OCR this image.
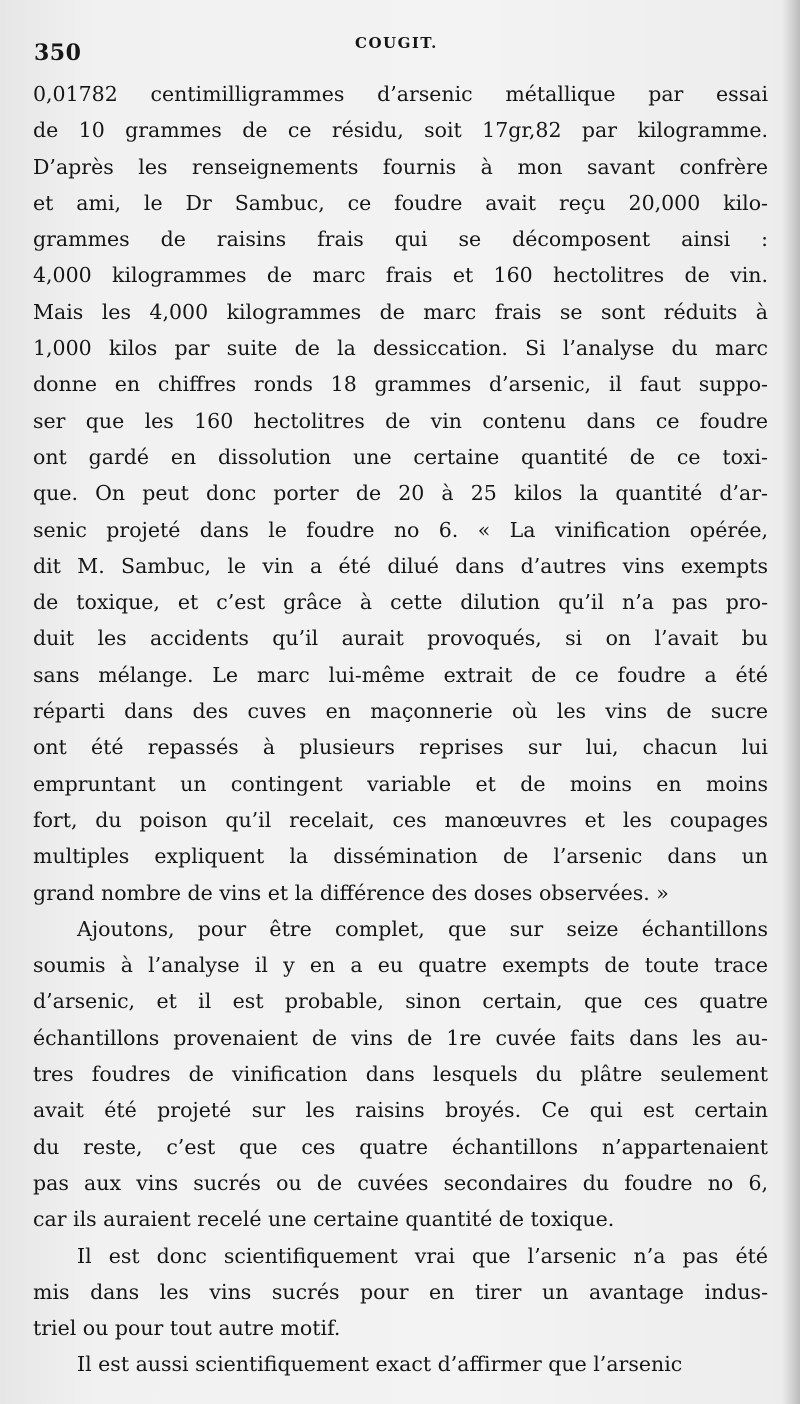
350	COUGIT.
0,01782 centimilligrammes d’arsenic métallique par essai
de 10 grammes de ce résidu, soit 17gr,82 par kilogramme.
D’après les renseignements fournis à mon savant confrère
et ami, le Dr Sambuc, ce foudre avait reçu 20,000 kilo-
grammes de raisins frais qui se décomposent ainsi :
4,000 kilogrammes de marc frais et 160 hectolitres de vin.
Mais les 4,000 kilogrammes de marc frais se sont réduits à
1,000 kilos par suite de la dessiccation. Si l’analyse du marc
donne en chiffres ronds 18 grammes d’arsenic, il faut suppo-
ser que les 160 hectolitres de vin contenu dans ce foudre
ont gardé en dissolution une certaine quantité de ce toxi-
que. On peut donc porter de 20 à 25 kilos la quantité d’ar-
senic projeté dans le foudre no 6. « La vinification opérée,
dit M. Sambuc, le vin a été dilué dans d’autres vins exempts
de toxique, et c’est grâce à cette dilution qu’il n’a pas pro-
duit les accidents qu’il aurait provoqués, si on l’avait bu
sans mélange. Le marc lui-même extrait de ce foudre a été
réparti dans des cuves en maçonnerie où les vins de sucre
ont été repassés à plusieurs reprises sur lui, chacun lui
empruntant un contingent variable et de moins en moins
fort, du poison qu’il recelait, ces manœuvres et les coupages
multiples expliquent la dissémination de l’arsenic dans un
grand nombre de vins et la différence des doses observées. »
Ajoutons, pour être complet, que sur seize échantillons
soumis à l’analyse il y en a eu quatre exempts de toute trace
d’arsenic, et il est probable, sinon certain, que ces quatre
échantillons provenaient de vins de 1re cuvée faits dans les au-
tres foudres de vinification dans lesquels du plâtre seulement
avait été projeté sur les raisins broyés. Ce qui est certain
du reste, c’est que ces quatre échantillons n’appartenaient
pas aux vins sucrés ou de cuvées secondaires du foudre no 6,
car ils auraient recelé une certaine quantité de toxique.
Il est donc scientifiquement vrai que l’arsenic n’a pas été
mis dans les vins sucrés pour en tirer un avantage indus-
triel ou pour tout autre motif.
Il est aussi scientifiquement exact d’affirmer que l’arsenic
